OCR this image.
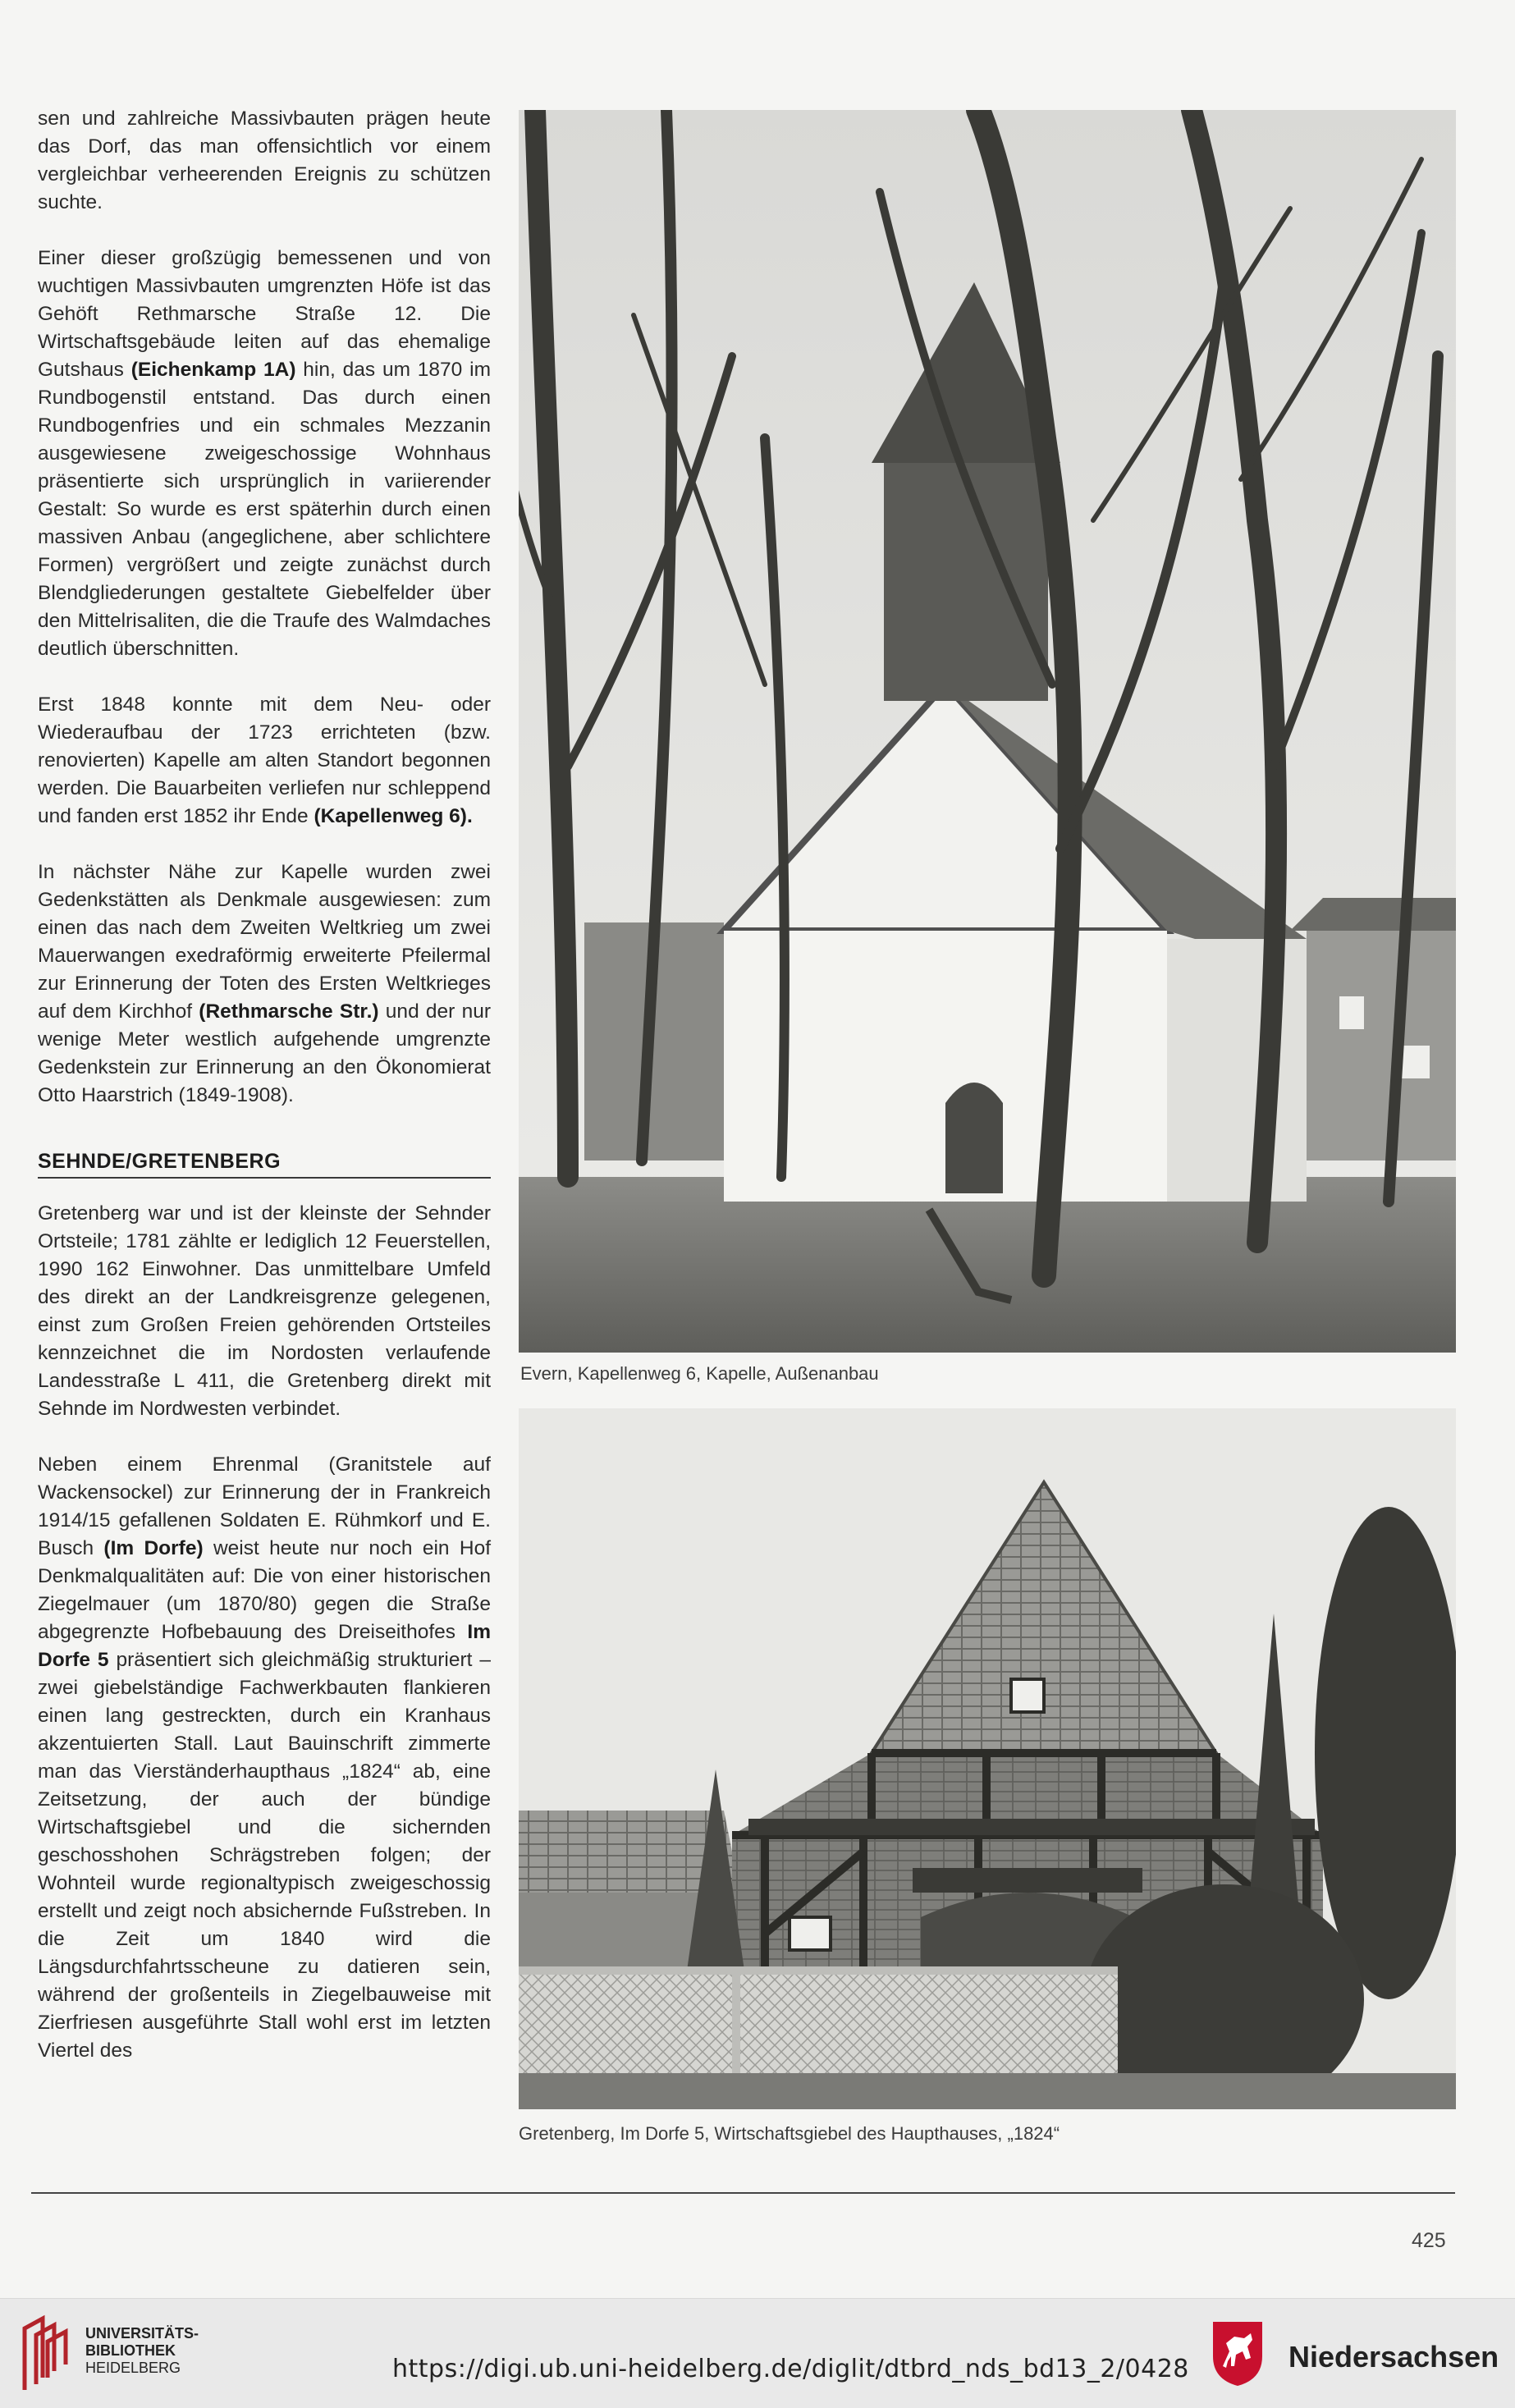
sen und zahlreiche Massivbauten prägen heute das Dorf, das man offensichtlich vor einem vergleichbar verheerenden Ereignis zu schützen suchte.

Einer dieser großzügig bemessenen und von wuchtigen Massivbauten umgrenzten Höfe ist das Gehöft Rethmarsche Straße 12. Die Wirtschaftsgebäude leiten auf das ehemalige Gutshaus (Eichenkamp 1A) hin, das um 1870 im Rundbogenstil entstand. Das durch einen Rundbogenfries und ein schmales Mezzanin ausgewiesene zweigeschossige Wohnhaus präsentierte sich ursprünglich in variierender Gestalt: So wurde es erst späterhin durch einen massiven Anbau (angeglichene, aber schlichtere Formen) vergrößert und zeigte zunächst durch Blendgliederungen gestaltete Giebelfelder über den Mittelrisaliten, die die Traufe des Walmdaches deutlich überschnitten.

Erst 1848 konnte mit dem Neu- oder Wiederaufbau der 1723 errichteten (bzw. renovierten) Kapelle am alten Standort begonnen werden. Die Bauarbeiten verliefen nur schleppend und fanden erst 1852 ihr Ende (Kapellenweg 6).

In nächster Nähe zur Kapelle wurden zwei Gedenkstätten als Denkmale ausgewiesen: zum einen das nach dem Zweiten Weltkrieg um zwei Mauerwangen exedraförmig erweiterte Pfeilermal zur Erinnerung der Toten des Ersten Weltkrieges auf dem Kirchhof (Rethmarsche Str.) und der nur wenige Meter westlich aufgehende umgrenzte Gedenkstein zur Erinnerung an den Ökonomierat Otto Haarstrich (1849-1908).

SEHNDE/GRETENBERG

Gretenberg war und ist der kleinste der Sehnder Ortsteile; 1781 zählte er lediglich 12 Feuerstellen, 1990 162 Einwohner. Das unmittelbare Umfeld des direkt an der Landkreisgrenze gelegenen, einst zum Großen Freien gehörenden Ortsteiles kennzeichnet die im Nordosten verlaufende Landesstraße L 411, die Gretenberg direkt mit Sehnde im Nordwesten verbindet.

Neben einem Ehrenmal (Granitstele auf Wackensockel) zur Erinnerung der in Frankreich 1914/15 gefallenen Soldaten E. Rühmkorf und E. Busch (Im Dorfe) weist heute nur noch ein Hof Denkmalqualitäten auf: Die von einer historischen Ziegelmauer (um 1870/80) gegen die Straße abgegrenzte Hofbebauung des Dreiseithofes Im Dorfe 5 präsentiert sich gleichmäßig strukturiert – zwei giebelständige Fachwerkbauten flankieren einen lang gestreckten, durch ein Kranhaus akzentuierten Stall. Laut Bauinschrift zimmerte man das Vierständerhaupthaus „1824“ ab, eine Zeitsetzung, der auch der bündige Wirtschaftsgiebel und die sichernden geschosshohen Schrägstreben folgen; der Wohnteil wurde regionaltypisch zweigeschossig erstellt und zeigt noch absichernde Fußstreben. In die Zeit um 1840 wird die Längsdurchfahrtsscheune zu datieren sein, während der großenteils in Ziegelbauweise mit Zierfriesen ausgeführte Stall wohl erst im letzten Viertel des

Evern, Kapellenweg 6, Kapelle, Außenanbau
Gretenberg, Im Dorfe 5, Wirtschaftsgiebel des Haupthauses, „1824“
425
UNIVERSITÄTS-
BIBLIOTHEK
HEIDELBERG	https://digi.ub.uni-heidelberg.de/diglit/dtbrd_nds_bd13_2/0428	Niedersachsen
